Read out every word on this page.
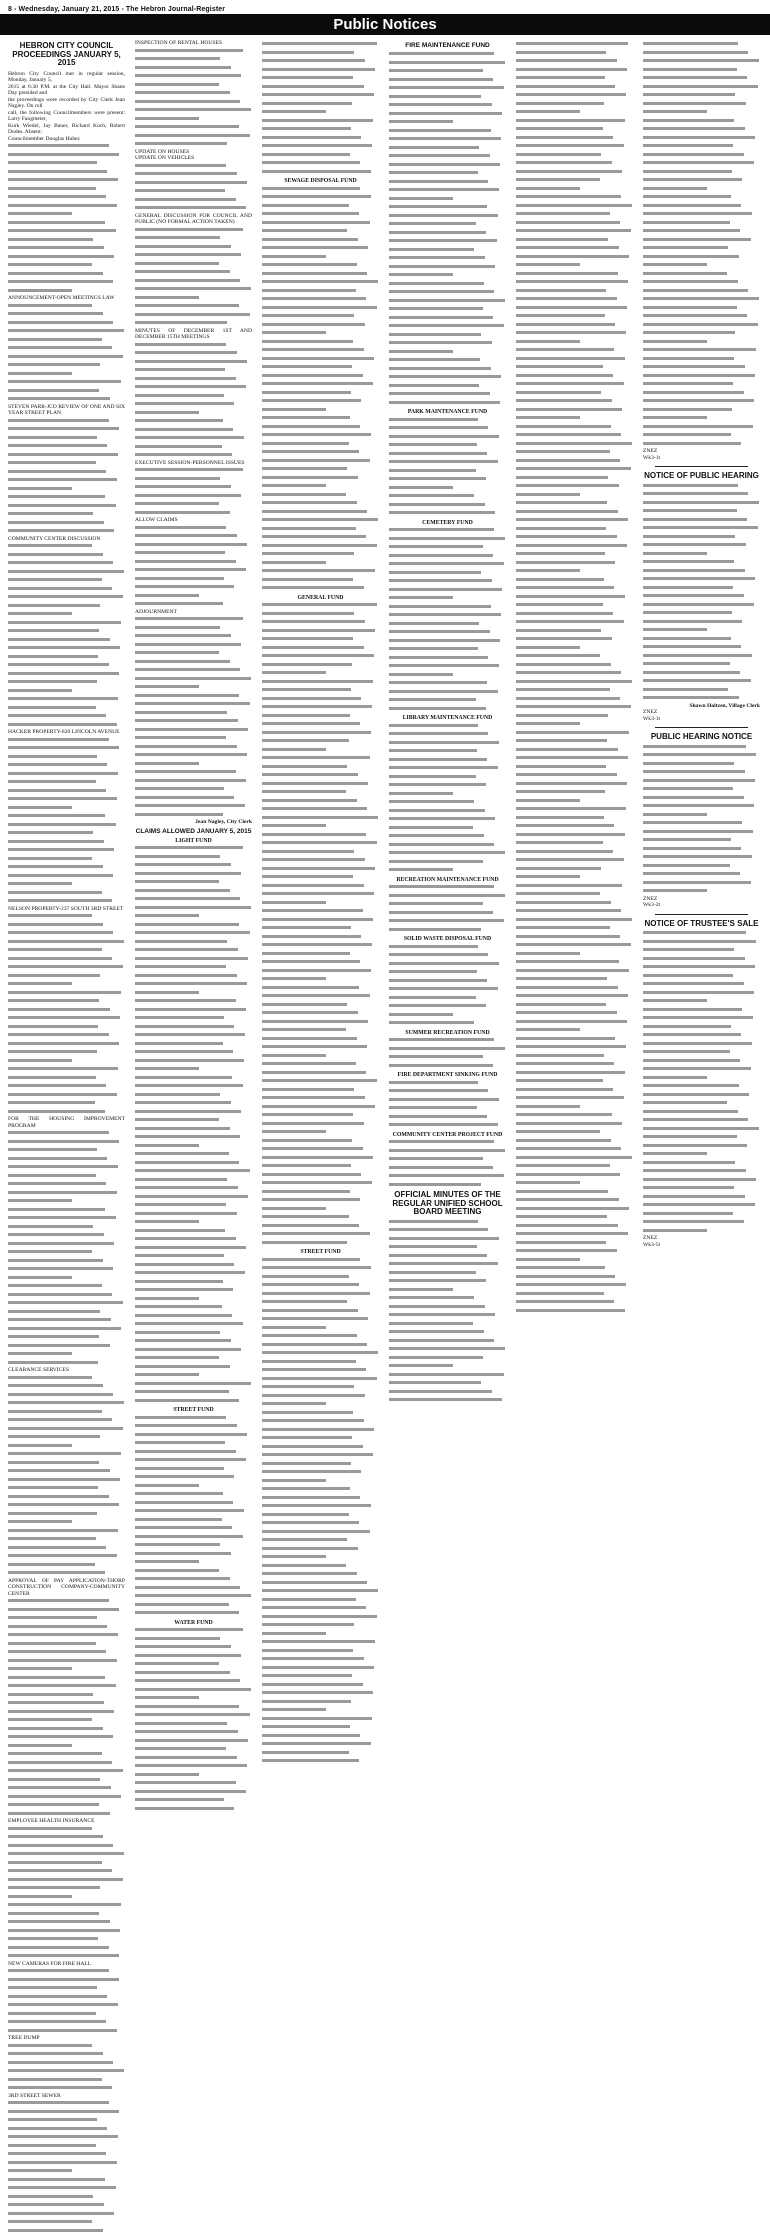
8 - Wednesday, January 21, 2015 - The Hebron Journal-Register
Public Notices
HEBRON CITY COUNCIL PROCEEDINGS JANUARY 5, 2015
Hebron City Council met in regular session, Monday, January 5,
2015 at 6:30 P.M. at the City Hall. Mayor Shane Day presided and
the proceedings were recorded by City Clerk Jean Nagley. On roll
call, the following Councilmembers were present: Larry Fangmeier,
Kurk Wiedel, Jay Bauer, Richard Koch, Robert Dodes. Absent:
Councilmember Douglas Huber.
ANNOUNCEMENT-OPEN MEETINGS LAW
STEVEN PARR-JCO REVIEW OF ONE AND SIX YEAR STREET PLAN
COMMUNITY CENTER DISCUSSION
HACKER PROPERTY-820 LINCOLN AVENUE
NELSON PROPERTY-237 SOUTH 3RD STREET
FOR THE HOUSING IMPROVEMENT PROGRAM
CLEARANCE SERVICES
APPROVAL OF PAY APPLICATION-THORP CONSTRUCTION COMPANY-COMMUNITY CENTER
EMPLOYEE HEALTH INSURANCE
NEW CAMERAS FOR FIRE HALL
TREE DUMP
3RD STREET SEWER
INSPECTION OF RENTAL HOUSES
UPDATE ON HOUSES
UPDATE ON VEHICLES
GENERAL DISCUSSION FOR COUNCIL AND PUBLIC (NO FORMAL ACTION TAKEN)
MINUTES OF DECEMBER 1ST AND DECEMBER 15TH MEETINGS
EXECUTIVE SESSION-PERSONNEL ISSUES
ALLOW CLAIMS
ADJOURNMENT
Jean Nagley, City Clerk
CLAIMS ALLOWED JANUARY 5, 2015
LIGHT FUND
STREET FUND
WATER FUND
SEWAGE DISPOSAL FUND
GENERAL FUND
STREET FUND
FIRE MAINTENANCE FUND
PARK MAINTENANCE FUND
CEMETERY FUND
LIBRARY MAINTENANCE FUND
RECREATION MAINTENANCE FUND
SOLID WASTE DISPOSAL FUND
SUMMER RECREATION FUND
FIRE DEPARTMENT SINKING FUND
COMMUNITY CENTER PROJECT FUND
OFFICIAL MINUTES OF THE REGULAR UNIFIED SCHOOL BOARD MEETING
ZNEZ
Wk3-1t
NOTICE OF PUBLIC HEARING
Shawn Holtzen, Village Clerk
ZNEZ
Wk3-1t
PUBLIC HEARING NOTICE
ZNEZ
Wk3-2t
NOTICE OF TRUSTEE'S SALE
ZNEZ
Wk3-5t
